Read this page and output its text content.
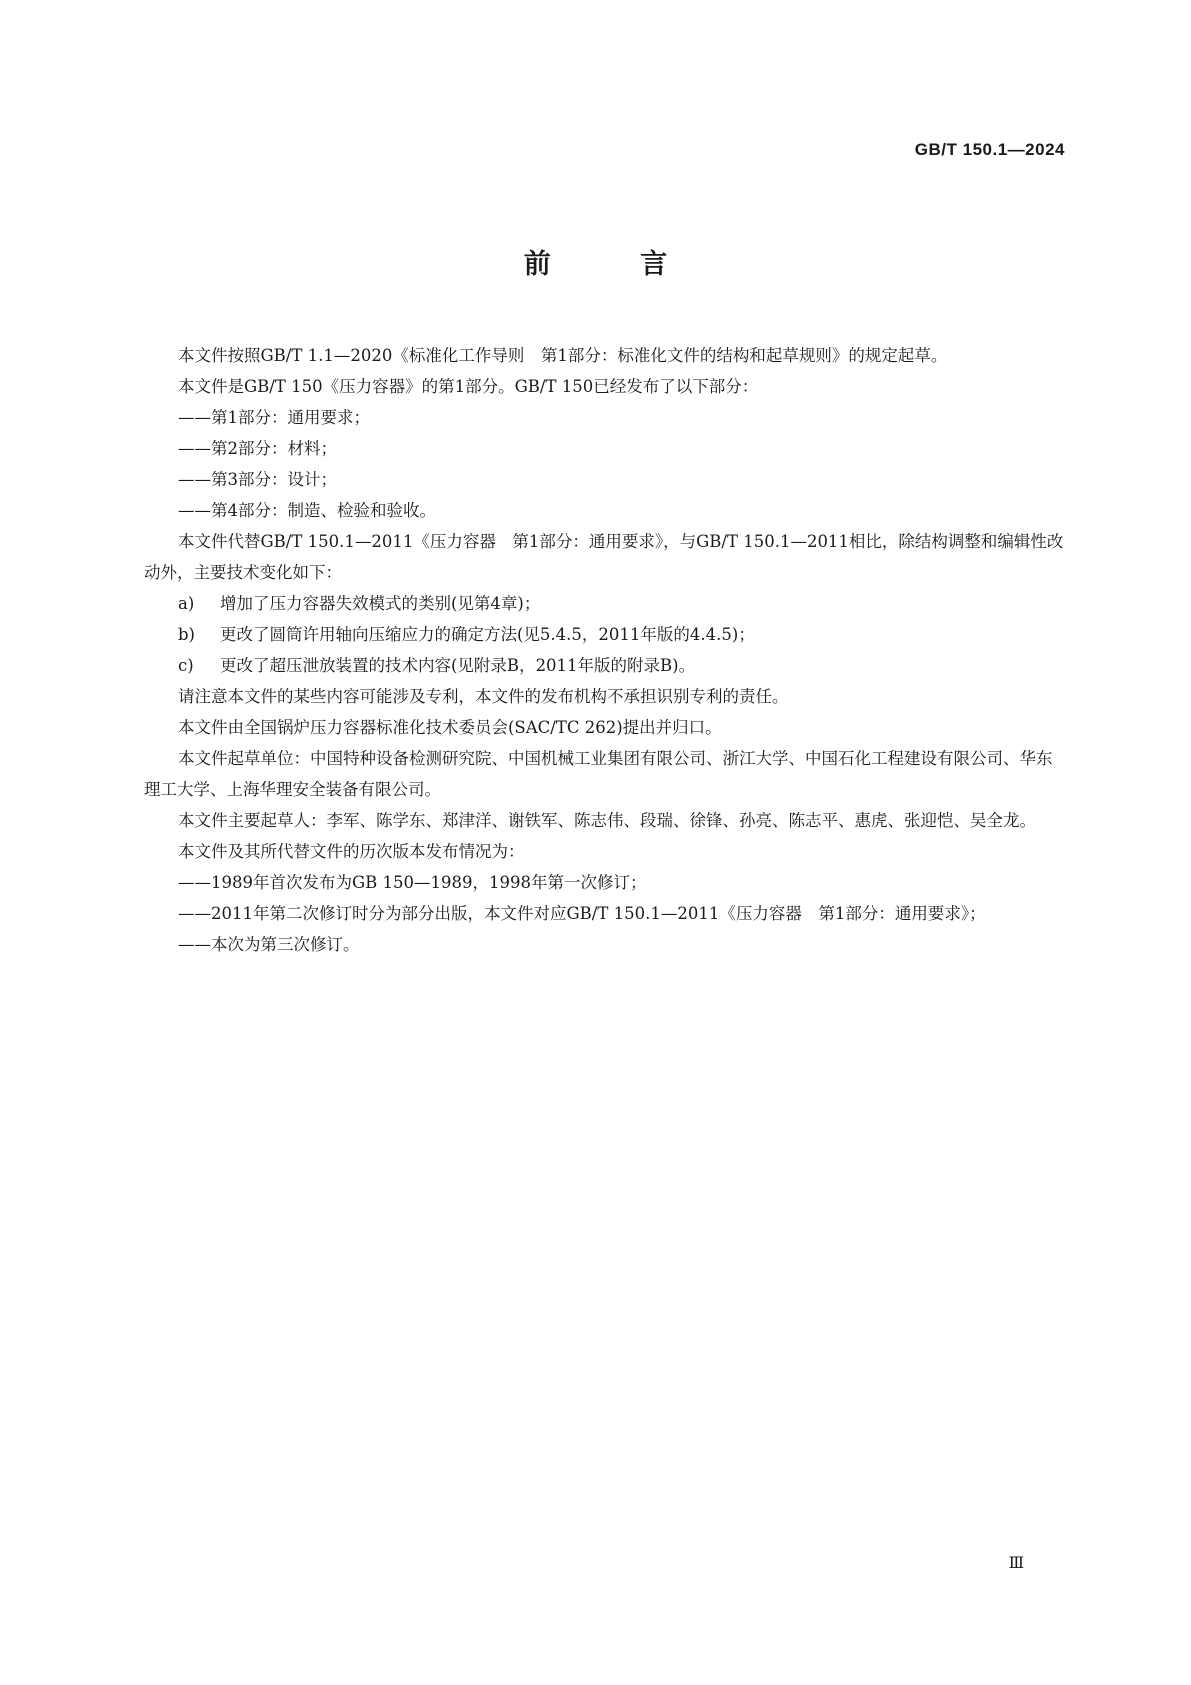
GB/T 150.1—2024
前 言

本文件按照GB/T 1.1—2020《标准化工作导则　第1部分：标准化文件的结构和起草规则》的规定起草。

本文件是GB/T 150《压力容器》的第1部分。GB/T 150已经发布了以下部分：

——第1部分：通用要求；

——第2部分：材料；

——第3部分：设计；

——第4部分：制造、检验和验收。

本文件代替GB/T 150.1—2011《压力容器　第1部分：通用要求》，与GB/T 150.1—2011相比，除结构调整和编辑性改动外，主要技术变化如下：

a) 增加了压力容器失效模式的类别(见第4章)；

b) 更改了圆筒许用轴向压缩应力的确定方法(见5.4.5，2011年版的4.4.5)；

c) 更改了超压泄放装置的技术内容(见附录B，2011年版的附录B)。

请注意本文件的某些内容可能涉及专利，本文件的发布机构不承担识别专利的责任。

本文件由全国锅炉压力容器标准化技术委员会(SAC/TC 262)提出并归口。

本文件起草单位：中国特种设备检测研究院、中国机械工业集团有限公司、浙江大学、中国石化工程建设有限公司、华东理工大学、上海华理安全装备有限公司。

本文件主要起草人：李军、陈学东、郑津洋、谢铁军、陈志伟、段瑞、徐锋、孙亮、陈志平、惠虎、张迎恺、吴全龙。

本文件及其所代替文件的历次版本发布情况为：

——1989年首次发布为GB 150—1989，1998年第一次修订；

——2011年第二次修订时分为部分出版，本文件对应GB/T 150.1—2011《压力容器　第1部分：通用要求》；

——本次为第三次修订。

Ⅲ
